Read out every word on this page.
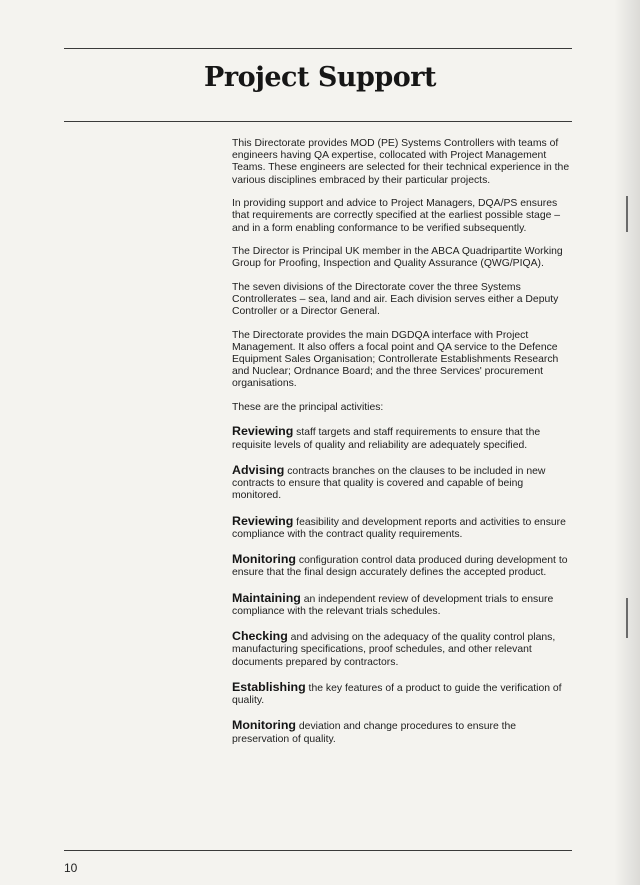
Project Support

This Directorate provides MOD (PE) Systems Controllers with teams of engineers having QA expertise, collocated with Project Management Teams. These engineers are selected for their technical experience in the various disciplines embraced by their particular projects.

In providing support and advice to Project Managers, DQA/PS ensures that requirements are correctly specified at the earliest possible stage – and in a form enabling conformance to be verified subsequently.

The Director is Principal UK member in the ABCA Quadripartite Working Group for Proofing, Inspection and Quality Assurance (QWG/PIQA).

The seven divisions of the Directorate cover the three Systems Controllerates – sea, land and air. Each division serves either a Deputy Controller or a Director General.

The Directorate provides the main DGDQA interface with Project Management. It also offers a focal point and QA service to the Defence Equipment Sales Organisation; Controllerate Establishments Research and Nuclear; Ordnance Board; and the three Services' procurement organisations.

These are the principal activities:

Reviewing staff targets and staff requirements to ensure that the requisite levels of quality and reliability are adequately specified.
Advising contracts branches on the clauses to be included in new contracts to ensure that quality is covered and capable of being monitored.
Reviewing feasibility and development reports and activities to ensure compliance with the contract quality requirements.
Monitoring configuration control data produced during development to ensure that the final design accurately defines the accepted product.
Maintaining an independent review of development trials to ensure compliance with the relevant trials schedules.
Checking and advising on the adequacy of the quality control plans, manufacturing specifications, proof schedules, and other relevant documents prepared by contractors.
Establishing the key features of a product to guide the verification of quality.
Monitoring deviation and change procedures to ensure the preservation of quality.
10
